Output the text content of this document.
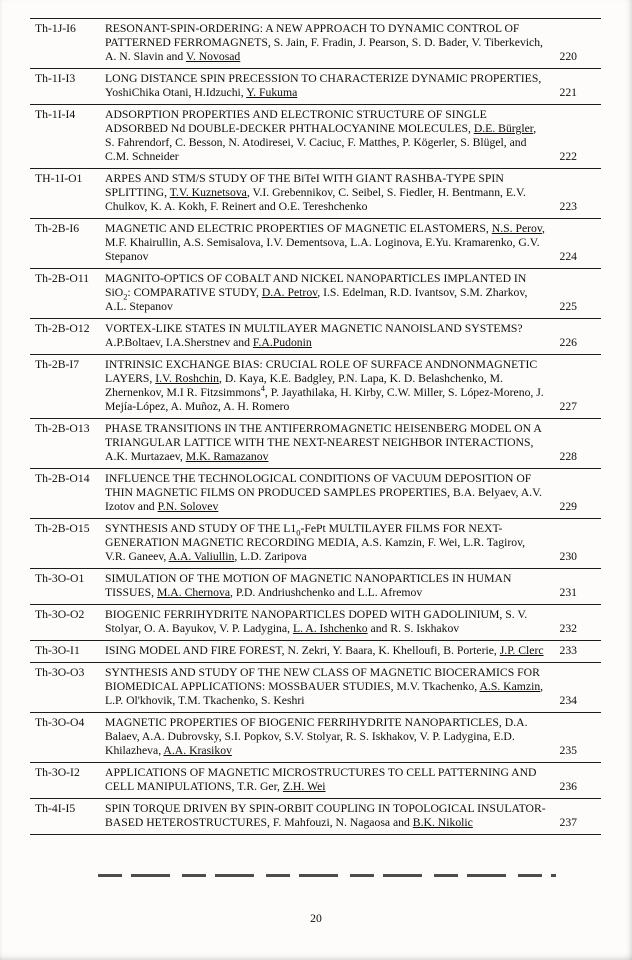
Th-1J-I6	RESONANT-SPIN-ORDERING: A NEW APPROACH TO DYNAMIC CONTROL OF PATTERNED FERROMAGNETS, S. Jain, F. Fradin, J. Pearson, S. D. Bader, V. Tiberkevich, A. N. Slavin and V. Novosad	220
Th-1I-I3	LONG DISTANCE SPIN PRECESSION TO CHARACTERIZE DYNAMIC PROPERTIES, YoshiChika Otani, H.Idzuchi, Y. Fukuma	221
Th-1I-I4	ADSORPTION PROPERTIES AND ELECTRONIC STRUCTURE OF SINGLE ADSORBED Nd DOUBLE-DECKER PHTHALOCYANINE MOLECULES, D.E. Bürgler, S. Fahrendorf, C. Besson, N. Atodiresei, V. Caciuc, F. Matthes, P. Kögerler, S. Blügel, and C.M. Schneider	222
TH-1I-O1	ARPES AND STM/S STUDY OF THE BiTeI WITH GIANT RASHBA-TYPE SPIN SPLITTING, T.V. Kuznetsova, V.I. Grebennikov, C. Seibel, S. Fiedler, H. Bentmann, E.V. Chulkov, K. A. Kokh, F. Reinert and O.E. Tereshchenko	223
Th-2B-I6	MAGNETIC AND ELECTRIC PROPERTIES OF MAGNETIC ELASTOMERS, N.S. Perov, M.F. Khairullin, A.S. Semisalova, I.V. Dementsova, L.A. Loginova, E.Yu. Kramarenko, G.V. Stepanov	224
Th-2B-O11	MAGNITO-OPTICS OF COBALT AND NICKEL NANOPARTICLES IMPLANTED IN SiO$_2$: COMPARATIVE STUDY, D.A. Petrov, I.S. Edelman, R.D. Ivantsov, S.M. Zharkov, A.L. Stepanov	225
Th-2B-O12	VORTEX-LIKE STATES IN MULTILAYER MAGNETIC NANOISLAND SYSTEMS? A.P.Boltaev, I.A.Sherstnev and F.A.Pudonin	226
Th-2B-I7	INTRINSIC EXCHANGE BIAS: CRUCIAL ROLE OF SURFACE ANDNONMAGNETIC LAYERS, I.V. Roshchin, D. Kaya, K.E. Badgley, P.N. Lapa, K. D. Belashchenko, M. Zhernenkov, M.I R. Fitzsimmons$^4$, P. Jayathilaka, H. Kirby, C.W. Miller, S. López-Moreno, J. Mejía-López, A. Muñoz, A. H. Romero	227
Th-2B-O13	PHASE TRANSITIONS IN THE ANTIFERROMAGNETIC HEISENBERG MODEL ON A TRIANGULAR LATTICE WITH THE NEXT-NEAREST NEIGHBOR INTERACTIONS, A.K. Murtazaev, M.K. Ramazanov	228
Th-2B-O14	INFLUENCE THE TECHNOLOGICAL CONDITIONS OF VACUUM DEPOSITION OF THIN MAGNETIC FILMS ON PRODUCED SAMPLES PROPERTIES, B.A. Belyaev, A.V. Izotov and P.N. Solovev	229
Th-2B-O15	SYNTHESIS AND STUDY OF THE $L1_0$-FePt MULTILAYER FILMS FOR NEXT-GENERATION MAGNETIC RECORDING MEDIA, A.S. Kamzin, F. Wei, L.R. Tagirov, V.R. Ganeev, A.A. Valiullin, L.D. Zaripova	230
Th-3O-O1	SIMULATION OF THE MOTION OF MAGNETIC NANOPARTICLES IN HUMAN TISSUES, M.A. Chernova, P.D. Andriushchenko and L.L. Afremov	231
Th-3O-O2	BIOGENIC FERRIHYDRITE NANOPARTICLES DOPED WITH GADOLINIUM, S. V. Stolyar, O. A. Bayukov, V. P. Ladygina, L. A. Ishchenko and R. S. Iskhakov	232
Th-3O-I1	ISING MODEL AND FIRE FOREST, N. Zekri, Y. Baara, K. Khelloufi, B. Porterie, J.P. Clerc	233
Th-3O-O3	SYNTHESIS AND STUDY OF THE NEW CLASS OF MAGNETIC BIOCERAMICS FOR BIOMEDICAL APPLICATIONS: MOSSBAUER STUDIES, M.V. Tkachenko, A.S. Kamzin, L.P. Ol'khovik, T.M. Tkachenko, S. Keshri	234
Th-3O-O4	MAGNETIC PROPERTIES OF BIOGENIC FERRIHYDRITE NANOPARTICLES, D.A. Balaev, A.A. Dubrovsky, S.I. Popkov, S.V. Stolyar, R. S. Iskhakov, V. P. Ladygina, E.D. Khilazheva, A.A. Krasikov	235
Th-3O-I2	APPLICATIONS OF MAGNETIC MICROSTRUCTURES TO CELL PATTERNING AND CELL MANIPULATIONS, T.R. Ger, Z.H. Wei	236
Th-4I-I5	SPIN TORQUE DRIVEN BY SPIN-ORBIT COUPLING IN TOPOLOGICAL INSULATOR-BASED HETEROSTRUCTURES, F. Mahfouzi, N. Nagaosa and B.K. Nikolic	237
20
